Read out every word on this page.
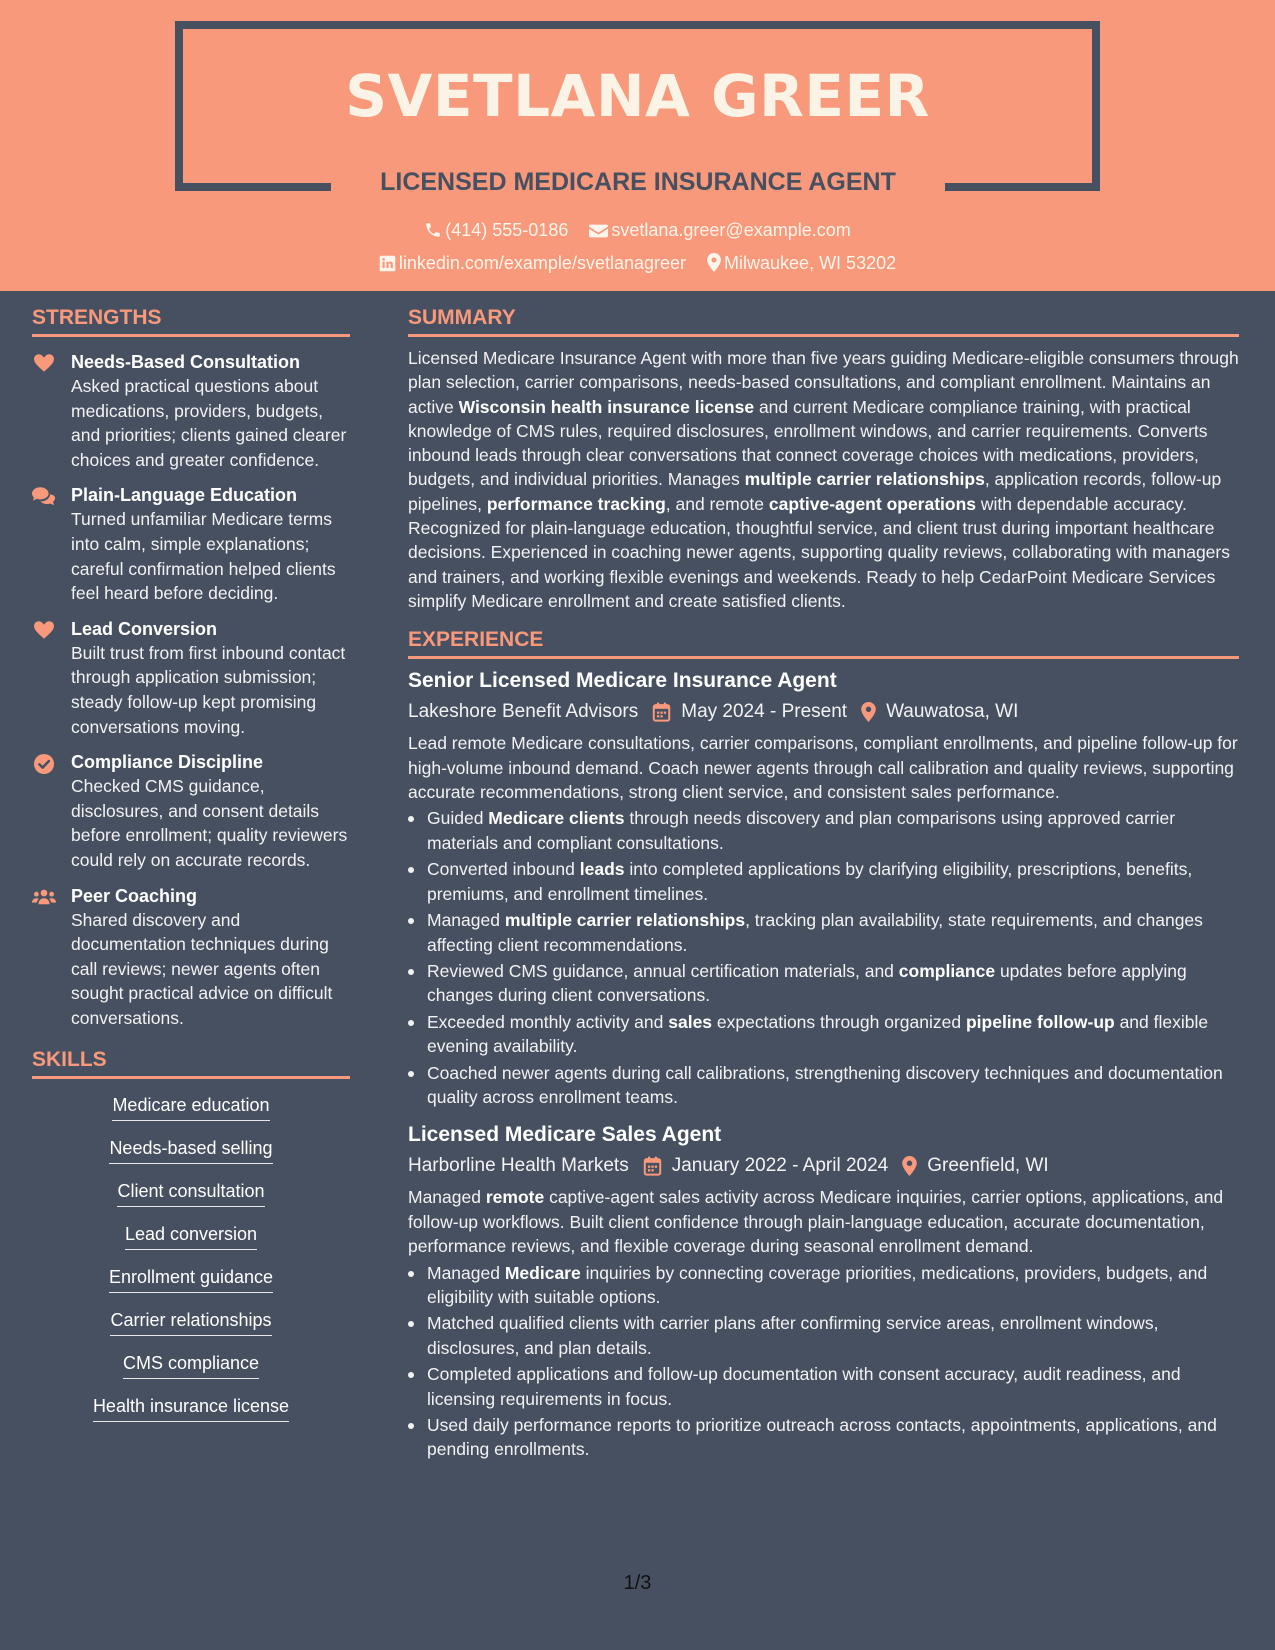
SVETLANA GREER
LICENSED MEDICARE INSURANCE AGENT
(414) 555-0186 svetlana.greer@example.com
linkedin.com/example/svetlanagreer Milwaukee, WI 53202
STRENGTHS
Needs-Based Consultation
Asked practical questions about medications, providers, budgets, and priorities; clients gained clearer choices and greater confidence.
Plain-Language Education
Turned unfamiliar Medicare terms into calm, simple explanations; careful confirmation helped clients feel heard before deciding.
Lead Conversion
Built trust from first inbound contact through application submission; steady follow-up kept promising conversations moving.
Compliance Discipline
Checked CMS guidance, disclosures, and consent details before enrollment; quality reviewers could rely on accurate records.
Peer Coaching
Shared discovery and documentation techniques during call reviews; newer agents often sought practical advice on difficult conversations.
SKILLS
Medicare education
Needs-based selling
Client consultation
Lead conversion
Enrollment guidance
Carrier relationships
CMS compliance
Health insurance license
SUMMARY

Licensed Medicare Insurance Agent with more than five years guiding Medicare-eligible consumers through plan selection, carrier comparisons, needs-based consultations, and compliant enrollment. Maintains an active Wisconsin health insurance license and current Medicare compliance training, with practical knowledge of CMS rules, required disclosures, enrollment windows, and carrier requirements. Converts inbound leads through clear conversations that connect coverage choices with medications, providers, budgets, and individual priorities. Manages multiple carrier relationships, application records, follow-up pipelines, performance tracking, and remote captive-agent operations with dependable accuracy. Recognized for plain-language education, thoughtful service, and client trust during important healthcare decisions. Experienced in coaching newer agents, supporting quality reviews, collaborating with managers and trainers, and working flexible evenings and weekends. Ready to help CedarPoint Medicare Services simplify Medicare enrollment and create satisfied clients.

EXPERIENCE
Senior Licensed Medicare Insurance Agent
Lakeshore Benefit Advisors May 2024 - Present Wauwatosa, WI

Lead remote Medicare consultations, carrier comparisons, compliant enrollments, and pipeline follow-up for high-volume inbound demand. Coach newer agents through call calibration and quality reviews, supporting accurate recommendations, strong client service, and consistent sales performance.

Guided Medicare clients through needs discovery and plan comparisons using approved carrier materials and compliant consultations.
Converted inbound leads into completed applications by clarifying eligibility, prescriptions, benefits, premiums, and enrollment timelines.
Managed multiple carrier relationships, tracking plan availability, state requirements, and changes affecting client recommendations.
Reviewed CMS guidance, annual certification materials, and compliance updates before applying changes during client conversations.
Exceeded monthly activity and sales expectations through organized pipeline follow-up and flexible evening availability.
Coached newer agents during call calibrations, strengthening discovery techniques and documentation quality across enrollment teams.
Licensed Medicare Sales Agent
Harborline Health Markets January 2022 - April 2024 Greenfield, WI

Managed remote captive-agent sales activity across Medicare inquiries, carrier options, applications, and follow-up workflows. Built client confidence through plain-language education, accurate documentation, performance reviews, and flexible coverage during seasonal enrollment demand.

Managed Medicare inquiries by connecting coverage priorities, medications, providers, budgets, and eligibility with suitable options.
Matched qualified clients with carrier plans after confirming service areas, enrollment windows, disclosures, and plan details.
Completed applications and follow-up documentation with consent accuracy, audit readiness, and licensing requirements in focus.
Used daily performance reports to prioritize outreach across contacts, appointments, applications, and pending enrollments.
1/3
